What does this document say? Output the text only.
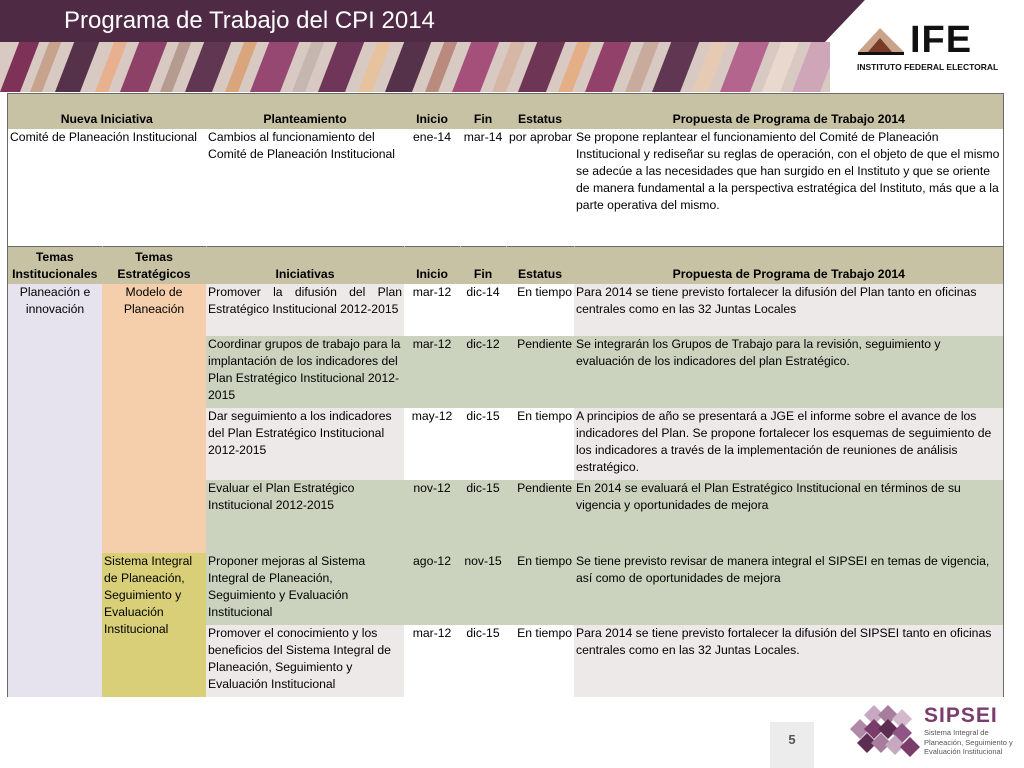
Programa de Trabajo del CPI 2014	IFE
INSTITUTO FEDERAL ELECTORAL
Nueva Iniciativa		Planteamiento	Inicio	Fin	Estatus	Propuesta de Programa de Trabajo 2014
Comité de Planeación Institucional		Cambios al funcionamiento del Comité de Planeación Institucional	ene-14	mar-14	por aprobar	Se propone replantear el funcionamiento del Comité de Planeación Institucional y rediseñar su reglas de operación, con el objeto de que el mismo se adecúe a las necesidades que han surgido en el Instituto y que se oriente de manera fundamental a la perspectiva estratégica del Instituto, más que a la parte operativa del mismo.
Temas Institucionales	Temas Estratégicos	Iniciativas	Inicio	Fin	Estatus	Propuesta de Programa de Trabajo 2014
Planeación e innovación	Modelo de Planeación	Promover la difusión del Plan Estratégico Institucional 2012-2015	mar-12	dic-14	En tiempo	Para 2014 se tiene previsto fortalecer la difusión del Plan tanto en oficinas centrales como en las 32 Juntas Locales
		Coordinar grupos de trabajo para la implantación de los indicadores del Plan Estratégico Institucional 2012-2015	mar-12	dic-12	Pendiente	Se integrarán los Grupos de Trabajo para la revisión, seguimiento y evaluación de los indicadores del plan Estratégico.
		Dar seguimiento a los indicadores del Plan Estratégico Institucional 2012-2015	may-12	dic-15	En tiempo	A principios de año se presentará a JGE el informe sobre el avance de los indicadores del Plan. Se propone fortalecer los esquemas de seguimiento de los indicadores a través de la implementación de reuniones de análisis estratégico.
		Evaluar el Plan Estratégico Institucional 2012-2015	nov-12	dic-15	Pendiente	En 2014 se evaluará el Plan Estratégico Institucional en términos de su vigencia y oportunidades de mejora
	Sistema Integral de Planeación, Seguimiento y Evaluación Institucional	Proponer mejoras al Sistema Integral de Planeación, Seguimiento y Evaluación Institucional	ago-12	nov-15	En tiempo	Se tiene previsto revisar de manera integral el SIPSEI en temas de vigencia, así como de oportunidades de mejora
		Promover el conocimiento y los beneficios del Sistema Integral de Planeación, Seguimiento y Evaluación Institucional	mar-12	dic-15	En tiempo	Para 2014 se tiene previsto fortalecer la difusión del SIPSEI tanto en oficinas centrales como en las 32 Juntas Locales.
5
SIPSEI
Sistema Integral de
Planeación, Seguimiento y
Evaluación Institucional
